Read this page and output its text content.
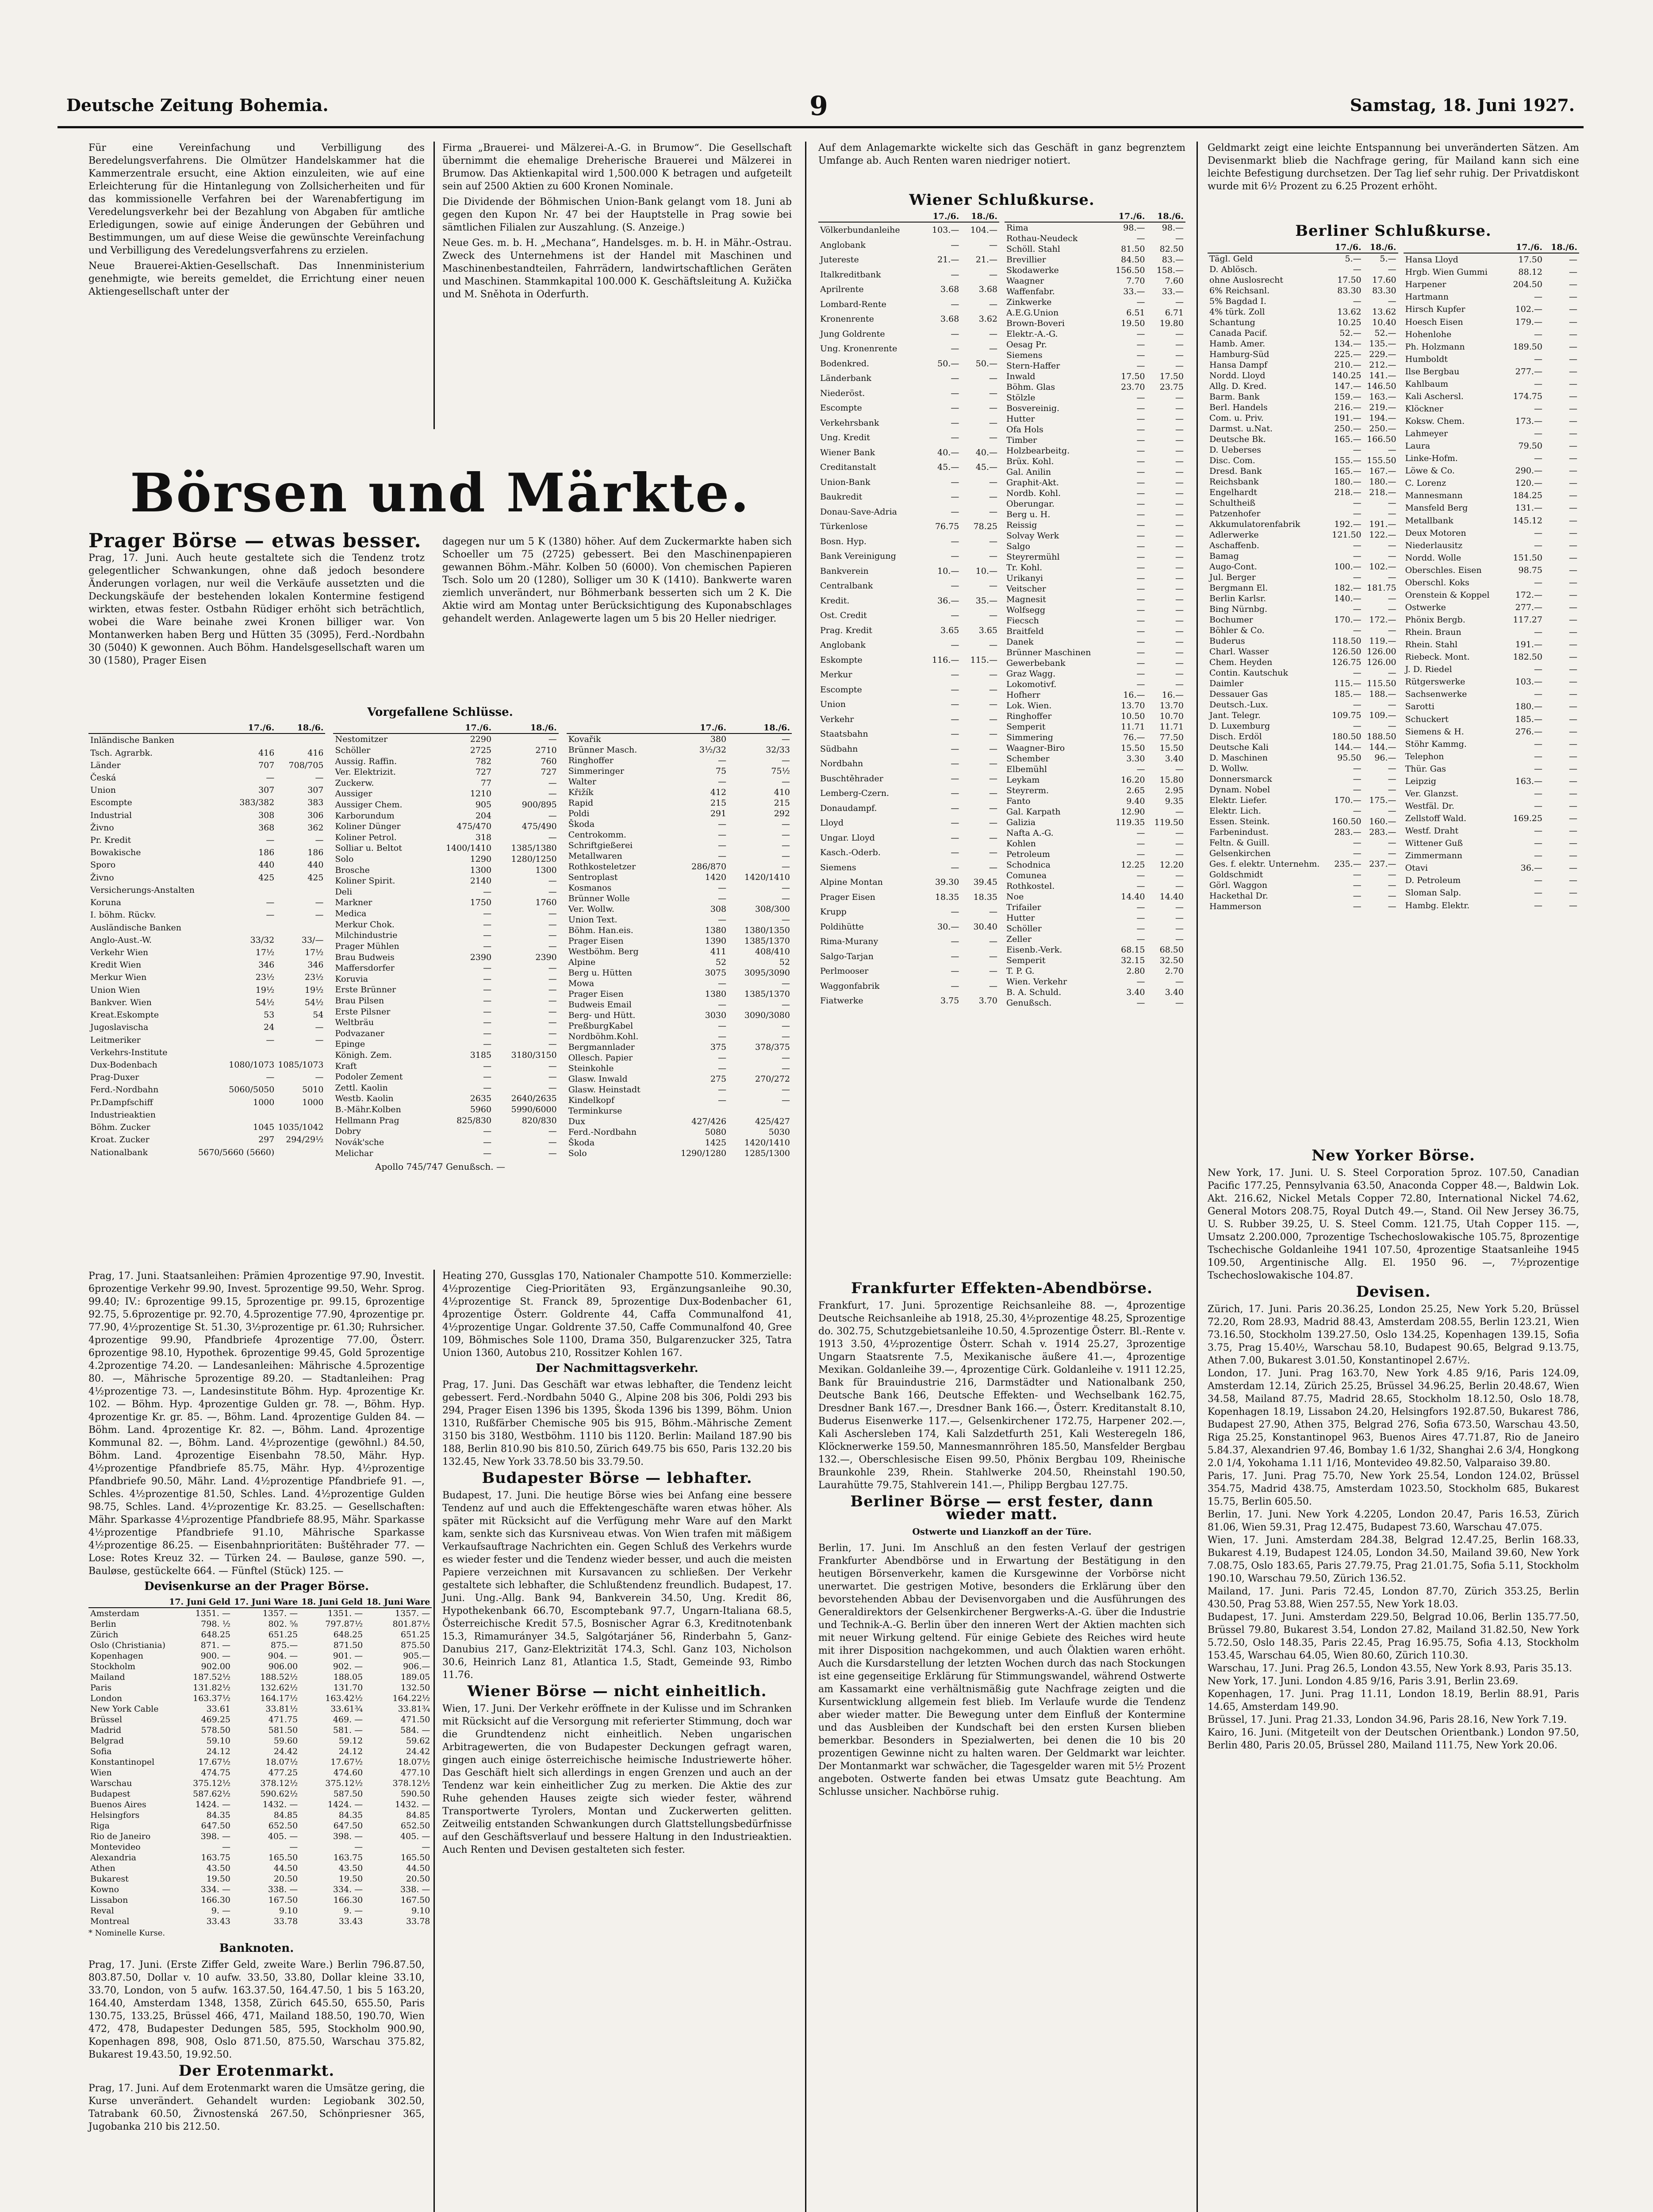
Deutsche Zeitung Bohemia.	9	Samstag, 18. Juni 1927.

Für eine Vereinfachung und Verbilligung des Beredelungsverfahrens. Die Olmützer Handelskammer hat die Kammerzentrale ersucht, eine Aktion einzuleiten, wie auf eine Erleichterung für die Hintanlegung von Zollsicherheiten und für das kommissionelle Verfahren bei der Warenabfertigung im Veredelungsverkehr bei der Bezahlung von Abgaben für amtliche Erledigungen, sowie auf einige Änderungen der Gebühren und Bestimmungen, um auf diese Weise die gewünschte Vereinfachung und Verbilligung des Veredelungsverfahrens zu erzielen.

Neue Brauerei-Aktien-Gesellschaft. Das Innenministerium genehmigte, wie bereits gemeldet, die Errichtung einer neuen Aktiengesellschaft unter der

Firma „Brauerei- und Mälzerei-A.-G. in Brumow“. Die Gesellschaft übernimmt die ehemalige Dreherische Brauerei und Mälzerei in Brumow. Das Aktienkapital wird 1,500.000 K betragen und aufgeteilt sein auf 2500 Aktien zu 600 Kronen Nominale.

Die Dividende der Böhmischen Union-Bank gelangt vom 18. Juni ab gegen den Kupon Nr. 47 bei der Hauptstelle in Prag sowie bei sämtlichen Filialen zur Auszahlung. (S. Anzeige.)

Neue Ges. m. b. H. „Mechana“, Handelsges. m. b. H. in Mähr.-Ostrau. Zweck des Unternehmens ist der Handel mit Maschinen und Maschinenbestandteilen, Fahrrädern, landwirtschaftlichen Geräten und Maschinen. Stammkapital 100.000 K. Geschäftsleitung A. Kužička und M. Sněhota in Oderfurth.

Börsen und Märkte.
Prager Börse — etwas besser.

Prag, 17. Juni. Auch heute gestaltete sich die Tendenz trotz gelegentlicher Schwankungen, ohne daß jedoch besondere Änderungen vorlagen, nur weil die Verkäufe aussetzten und die Deckungskäufe der bestehenden lokalen Kontermine festigend wirkten, etwas fester. Ostbahn Rüdiger erhöht sich beträchtlich, wobei die Ware beinahe zwei Kronen billiger war. Von Montanwerken haben Berg und Hütten 35 (3095), Ferd.-Nordbahn 30 (5040) K gewonnen. Auch Böhm. Handelsgesellschaft waren um 30 (1580), Prager Eisen

dagegen nur um 5 K (1380) höher. Auf dem Zuckermarkte haben sich Schoeller um 75 (2725) gebessert. Bei den Maschinenpapieren gewannen Böhm.-Mähr. Kolben 50 (6000). Von chemischen Papieren Tsch. Solo um 20 (1280), Solliger um 30 K (1410). Bankwerte waren ziemlich unverändert, nur Böhmerbank besserten sich um 2 K. Die Aktie wird am Montag unter Berücksichtigung des Kuponabschlages gehandelt werden. Anlagewerte lagen um 5 bis 20 Heller niedriger.

Vorgefallene Schlüsse.
	17./6.	18./6.
Inländische Banken		
Tsch. Agrarbk.	416	416
Länder	707	708/705
Česká	—	—
Union	307	307
Escompte	383/382	383
Industrial	308	306
Živno	368	362
Pr. Kredit	—	—
Bowakische	186	186
Sporo	440	440
Živno	425	425
Versicherungs-Anstalten		
Koruna	—	—
I. böhm. Rückv.	—	—
Ausländische Banken		
Anglo-Aust.-W.	33/32	33/—
Verkehr Wien	17½	17½
Kredit Wien	346	346
Merkur Wien	23½	23½
Union Wien	19½	19½
Bankver. Wien	54½	54½
Kreat.Eskompte	53	54
Jugoslavischa	24	—
Leitmeriker	—	—
Verkehrs-Institute		
Dux-Bodenbach	1080/1073	1085/1073
Prag-Duxer	—	—
Ferd.-Nordbahn	5060/5050	5010
Pr.Dampfschiff	1000	1000
Industrieaktien		
Böhm. Zucker	1045	1035/1042
Kroat. Zucker	297	294/29½
Nationalbank	5670/5660 (5660)	
	17./6.	18./6.
Nestomitzer	2290	—
Schöller	2725	2710
Aussig. Raffin.	782	760
Ver. Elektrizit.	727	727
Zuckerw.	77	—
Aussiger	1210	—
Aussiger Chem.	905	900/895
Karborundum	204	—
Koliner Dünger	475/470	475/490
Koliner Petrol.	318	—
Solliar u. Beltot	1400/1410	1385/1380
Solo	1290	1280/1250
Brosche	1300	1300
Koliner Spirit.	2140	—
Deli	—	—
Markner	1750	1760
Medica	—	—
Merkur Chok.	—	—
Milchindustrie	—	—
Prager Mühlen	—	—
Brau Budweis	2390	2390
Maffersdorfer	—	—
Koruvia	—	—
Erste Brünner	—	—
Brau Pilsen	—	—
Erste Pilsner	—	—
Weltbräu	—	—
Podvazaner	—	—
Epinge	—	—
Königh. Zem.	3185	3180/3150
Kraft	—	—
Podoler Zement	—	—
Zettl. Kaolin	—	—
Westb. Kaolin	2635	2640/2635
B.-Mähr.Kolben	5960	5990/6000
Hellmann Prag	825/830	820/830
Dobry	—	—
Novák'sche	—	—
Melichar	—	—
	17./6.	18./6.
Kovařik	380	—
Brünner Masch.	3½/32	32/33
Ringhoffer	—	—
Simmeringer	75	75½
Walter	—	—
Křižík	412	410
Rapid	215	215
Poldi	291	292
Škoda	—	—
Centrokomm.	—	—
Schriftgießerei	—	—
Metallwaren	—	—
Rothkosteletzer	286/870	—
Sentroplast	1420	1420/1410
Kosmanos	—	—
Brünner Wolle	—	—
Ver. Wollw.	308	308/300
Union Text.	—	—
Böhm. Han.eis.	1380	1380/1350
Prager Eisen	1390	1385/1370
Westböhm. Berg	411	408/410
Alpine	52	52
Berg u. Hütten	3075	3095/3090
Mowa	—	—
Prager Eisen	1380	1385/1370
Budweis Email	—	—
Berg- und Hütt.	3030	3090/3080
PreßburgKabel	—	—
Nordböhm.Kohl.	—	—
Bergmannlader	375	378/375
Ollesch. Papier	—	—
Steinkohle	—	—
Glasw. Inwald	275	270/272
Glasw. Heinstadt	—	—
Kindelkopf	—	—
Terminkurse		
Dux	427/426	425/427
Ferd.-Nordbahn	5080	5030
Škoda	1425	1420/1410
Solo	1290/1280	1285/1300
Apollo 745/747 Genußsch. —

Prag, 17. Juni. Staatsanleihen: Prämien 4prozentige 97.90, Investit. 6prozentige Verkehr 99.90, Invest. 5prozentige 99.50, Wehr. Sprog. 99.40; IV.: 6prozentige 99.15, 5prozentige pr. 99.15, 6prozentige 92.75, 5.6prozentige pr. 92.70, 4.5prozentige 77.90, 4prozentige pr. 77.90, 4½prozentige St. 51.30, 3½prozentige pr. 61.30; Ruhrsicher. 4prozentige 99.90, Pfandbriefe 4prozentige 77.00, Österr. 6prozentige 98.10, Hypothek. 6prozentige 99.45, Gold 5prozentige 4.2prozentige 74.20. — Landesanleihen: Mährische 4.5prozentige 80. —, Mährische 5prozentige 89.20. — Stadtanleihen: Prag 4½prozentige 73. —, Landesinstitute Böhm. Hyp. 4prozentige Kr. 102. — Böhm. Hyp. 4prozentige Gulden gr. 78. —, Böhm. Hyp. 4prozentige Kr. gr. 85. —, Böhm. Land. 4prozentige Gulden 84. — Böhm. Land. 4prozentige Kr. 82. —, Böhm. Land. 4prozentige Kommunal 82. —, Böhm. Land. 4½prozentige (gewöhnl.) 84.50, Böhm. Land. 4prozentige Eisenbahn 78.50, Mähr. Hyp. 4½prozentige Pfandbriefe 85.75, Mähr. Hyp. 4½prozentige Pfandbriefe 90.50, Mähr. Land. 4½prozentige Pfandbriefe 91. —, Schles. 4½prozentige 81.50, Schles. Land. 4½prozentige Gulden 98.75, Schles. Land. 4½prozentige Kr. 83.25. — Gesellschaften: Mähr. Sparkasse 4½prozentige Pfandbriefe 88.95, Mähr. Sparkasse 4½prozentige Pfandbriefe 91.10, Mährische Sparkasse 4½prozentige 86.25. — Eisenbahnprioritäten: Buštěhrader 77. — Lose: Rotes Kreuz 32. — Türken 24. — Bauløse, ganze 590. —, Bauløse, gestückelte 664. — Fünftel (Stück) 125. —

Devisenkurse an der Prager Börse.
	17. Juni Geld	17. Juni Ware	18. Juni Geld	18. Juni Ware
Amsterdam	1351. —	1357. —	1351. —	1357. —
Berlin	798. ½	802. ⅝	797.87½	801.87½
Zürich	648.25	651.25	648.25	651.25
Oslo (Christiania)	871. —	875.—	871.50	875.50
Kopenhagen	900. —	904. —	901. —	905.—
Stockholm	902.00	906.00	902. —	906.—
Mailand	187.52½	188.52½	188.05	189.05
Paris	131.82½	132.62½	131.70	132.50
London	163.37½	164.17½	163.42½	164.22½
New York Cable	33.61	33.81½	33.61¾	33.81¾
Brüssel	469.25	471.75	469. —	471.50
Madrid	578.50	581.50	581. —	584. —
Belgrad	59.10	59.60	59.12	59.62
Sofia	24.12	24.42	24.12	24.42
Konstantinopel	17.67½	18.07½	17.67½	18.07½
Wien	474.75	477.25	474.60	477.10
Warschau	375.12½	378.12½	375.12½	378.12½
Budapest	587.62½	590.62½	587.50	590.50
Buenos Aires	1424. —	1432. —	1424. —	1432. —
Helsingfors	84.35	84.85	84.35	84.85
Riga	647.50	652.50	647.50	652.50
Rio de Janeiro	398. —	405. —	398. —	405. —
Montevideo	—	—	—	—
Alexandria	163.75	165.50	163.75	165.50
Athen	43.50	44.50	43.50	44.50
Bukarest	19.50	20.50	19.50	20.50
Kowno	334. —	338. —	334. —	338. —
Lissabon	166.30	167.50	166.30	167.50
Reval	9. —	9.10	9. —	9.10
Montreal	33.43	33.78	33.43	33.78
* Nominelle Kurse.
Banknoten.

Prag, 17. Juni. (Erste Ziffer Geld, zweite Ware.) Berlin 796.87.50, 803.87.50, Dollar v. 10 aufw. 33.50, 33.80, Dollar kleine 33.10, 33.70, London, von 5 aufw. 163.37.50, 164.47.50, 1 bis 5 163.20, 164.40, Amsterdam 1348, 1358, Zürich 645.50, 655.50, Paris 130.75, 133.25, Brüssel 466, 471, Mailand 188.50, 190.70, Wien 472, 478, Budapester Dedungen 585, 595, Stockholm 900.90, Kopenhagen 898, 908, Oslo 871.50, 875.50, Warschau 375.82, Bukarest 19.43.50, 19.92.50.

Der Erotenmarkt.

Prag, 17. Juni. Auf dem Erotenmarkt waren die Umsätze gering, die Kurse unverändert. Gehandelt wurden: Legiobank 302.50, Tatrabank 60.50, Živnostenská 267.50, Schönpriesner 365, Jugobanka 210 bis 212.50.

Heating 270, Gussglas 170, Nationaler Champotte 510. Kommerzielle: 4½prozentige Cieg-Prioritäten 93, Ergänzungsanleihe 90.30, 4½prozentige St. Franck 89, 5prozentige Dux-Bodenbacher 61, 4prozentige Österr. Goldrente 44, Caffa Communalfond 41, 4½prozentige Ungar. Goldrente 37.50, Caffe Communalfond 40, Gree 109, Böhmisches Sole 1100, Drama 350, Bulgarenzucker 325, Tatra Union 1360, Autobus 210, Rossitzer Kohlen 167.

Der Nachmittagsverkehr.

Prag, 17. Juni. Das Geschäft war etwas lebhafter, die Tendenz leicht gebessert. Ferd.-Nordbahn 5040 G., Alpine 208 bis 306, Poldi 293 bis 294, Prager Eisen 1396 bis 1395, Škoda 1396 bis 1399, Böhm. Union 1310, Rußfärber Chemische 905 bis 915, Böhm.-Mährische Zement 3150 bis 3180, Westböhm. 1110 bis 1120. Berlin: Mailand 187.90 bis 188, Berlin 810.90 bis 810.50, Zürich 649.75 bis 650, Paris 132.20 bis 132.45, New York 33.78.50 bis 33.79.50.

Budapester Börse — lebhafter.

Budapest, 17. Juni. Die heutige Börse wies bei Anfang eine bessere Tendenz auf und auch die Effektengeschäfte waren etwas höher. Als später mit Rücksicht auf die Verfügung mehr Ware auf den Markt kam, senkte sich das Kursniveau etwas. Von Wien trafen mit mäßigem Verkaufsauftrage Nachrichten ein. Gegen Schluß des Verkehrs wurde es wieder fester und die Tendenz wieder besser, und auch die meisten Papiere verzeichnen mit Kursavancen zu schließen. Der Verkehr gestaltete sich lebhafter, die Schlußtendenz freundlich. Budapest, 17. Juni. Ung.-Allg. Bank 94, Bankverein 34.50, Ung. Kredit 86, Hypothekenbank 66.70, Escomptebank 97.7, Ungarn-Italiana 68.5, Österreichische Kredit 57.5, Bosnischer Agrar 6.3, Kreditnotenbank 15.3, Rimamurányer 34.5, Salgótarjáner 56, Rinderbahn 5, Ganz-Danubius 217, Ganz-Elektrizität 174.3, Schl. Ganz 103, Nicholson 30.6, Heinrich Lanz 81, Atlantica 1.5, Stadt, Gemeinde 93, Rimbo 11.76.

Wiener Börse — nicht einheitlich.

Wien, 17. Juni. Der Verkehr eröffnete in der Kulisse und im Schranken mit Rücksicht auf die Versorgung mit referierter Stimmung, doch war die Grundtendenz nicht einheitlich. Neben ungarischen Arbitragewerten, die von Budapester Deckungen gefragt waren, gingen auch einige österreichische heimische Industriewerte höher. Das Geschäft hielt sich allerdings in engen Grenzen und auch an der Tendenz war kein einheitlicher Zug zu merken. Die Aktie des zur Ruhe gehenden Hauses zeigte sich wieder fester, während Transportwerte Tyrolers, Montan und Zuckerwerten gelitten. Zeitweilig entstanden Schwankungen durch Glattstellungsbedürfnisse auf den Geschäftsverlauf und bessere Haltung in den Industrieaktien. Auch Renten und Devisen gestalteten sich fester.

Auf dem Anlagemarkte wickelte sich das Geschäft in ganz begrenztem Umfange ab. Auch Renten waren niedriger notiert.

Wiener Schlußkurse.
	17./6.	18./6.
Völkerbundanleihe	103.—	104.—
Anglobank	—	—
Jutereste	21.—	21.—
Italkreditbank	—	—
Aprilrente	3.68	3.68
Lombard-Rente	—	—
Kronenrente	3.68	3.62
Jung Goldrente	—	—
Ung. Kronenrente	—	—
Bodenkred.	50.—	50.—
Länderbank	—	—
Niederöst.	—	—
Escompte	—	—
Verkehrsbank	—	—
Ung. Kredit	—	—
Wiener Bank	40.—	40.—
Creditanstalt	45.—	45.—
Union-Bank	—	—
Baukredit	—	—
Donau-Save-Adria	—	—
Türkenlose	76.75	78.25
Bosn. Hyp.	—	—
Bank Vereinigung	—	—
Bankverein	10.—	10.—
Centralbank	—	—
Kredit.	36.—	35.—
Ost. Credit	—	—
Prag. Kredit	3.65	3.65
Anglobank	—	—
Eskompte	116.—	115.—
Merkur	—	—
Escompte	—	—
Union	—	—
Verkehr	—	—
Staatsbahn	—	—
Südbahn	—	—
Nordbahn	—	—
Buschtěhrader	—	—
Lemberg-Czern.	—	—
Donaudampf.	—	—
Lloyd	—	—
Ungar. Lloyd	—	—
Kasch.-Oderb.	—	—
Siemens	—	—
Alpine Montan	39.30	39.45
Prager Eisen	18.35	18.35
Krupp	—	—
Poldihütte	30.—	30.40
Rima-Murany	—	—
Salgo-Tarjan	—	—
Perlmooser	—	—
Waggonfabrik	—	—
Fiatwerke	3.75	3.70
	17./6.	18./6.
Rima	98.—	98.—
Rothau-Neudeck	—	—
Schöll. Stahl	81.50	82.50
Brevillier	84.50	83.—
Skodawerke	156.50	158.—
Waagner	7.70	7.60
Waffenfabr.	33.—	33.—
Zinkwerke	—	—
A.E.G.Union	6.51	6.71
Brown-Boveri	19.50	19.80
Elektr.-A.-G.	—	—
Oesag Pr.	—	—
Siemens	—	—
Stern-Haffer	—	—
Inwald	17.50	17.50
Böhm. Glas	23.70	23.75
Stölzle	—	—
Bosvereinig.	—	—
Hutter	—	—
Ofa Hols	—	—
Timber	—	—
Holzbearbeitg.	—	—
Brüx. Kohl.	—	—
Gal. Anilin	—	—
Graphit-Akt.	—	—
Nordb. Kohl.	—	—
Oberungar.	—	—
Berg u. H.	—	—
Reissig	—	—
Solvay Werk	—	—
Salgo	—	—
Steyrermühl	—	—
Tr. Kohl.	—	—
Urikanyi	—	—
Veitscher	—	—
Magnesit	—	—
Wolfsegg	—	—
Fiecsch	—	—
Braitfeld	—	—
Danek	—	—
Brünner Maschinen	—	—
Gewerbebank	—	—
Graz Wagg.	—	—
Lokomotivf.	—	—
Hofherr	16.—	16.—
Lok. Wien.	13.70	13.70
Ringhoffer	10.50	10.70
Semperit	11.71	11.71
Simmering	76.—	77.50
Waagner-Biro	15.50	15.50
Schember	3.30	3.40
Elbemühl	—	—
Leykam	16.20	15.80
Steyrerm.	2.65	2.95
Fanto	9.40	9.35
Gal. Karpath	12.90	—
Galizia	119.35	119.50
Nafta A.-G.	—	—
Kohlen	—	—
Petroleum	—	—
Schodnica	12.25	12.20
Comunea	—	—
Rothkostel.	—	—
Noe	14.40	14.40
Trifailer	—	—
Hutter	—	—
Schöller	—	—
Zeller	—	—
Eisenb.-Verk.	68.15	68.50
Semperit	32.15	32.50
T. P. G.	2.80	2.70
Wien. Verkehr	—	—
B. A. Schuld.	3.40	3.40
Genußsch.	—	—
Frankfurter Effekten-Abendbörse.

Frankfurt, 17. Juni. 5prozentige Reichsanleihe 88. —, 4prozentige Deutsche Reichsanleihe ab 1918, 25.30, 4½prozentige 48.25, Sprozentige do. 302.75, Schutzgebietsanleihe 10.50, 4.5prozentige Österr. Bl.-Rente v. 1913 3.50, 4½prozentige Österr. Schah v. 1914 25.27, 3prozentige Ungarn Staatsrente 7.5, Mexikanische äußere 41.—, 4prozentige Mexikan. Goldanleihe 39.—, 4prozentige Cürk. Goldanleihe v. 1911 12.25, Bank für Brauindustrie 216, Darmstädter und Nationalbank 250, Deutsche Bank 166, Deutsche Effekten- und Wechselbank 162.75, Dresdner Bank 167.—, Dresdner Bank 166.—, Österr. Kreditanstalt 8.10, Buderus Eisenwerke 117.—, Gelsenkirchener 172.75, Harpener 202.—, Kali Aschersleben 174, Kali Salzdetfurth 251, Kali Westeregeln 186, Klöcknerwerke 159.50, Mannesmannröhren 185.50, Mansfelder Bergbau 132.—, Oberschlesische Eisen 99.50, Phönix Bergbau 109, Rheinische Braunkohle 239, Rhein. Stahlwerke 204.50, Rheinstahl 190.50, Laurahütte 79.75, Stahlverein 141.—, Philipp Bergbau 127.75.

Berliner Börse — erst fester, dann wieder matt.
Ostwerte und Lianzkoff an der Türe.

Berlin, 17. Juni. Im Anschluß an den festen Verlauf der gestrigen Frankfurter Abendbörse und in Erwartung der Bestätigung in den heutigen Börsenverkehr, kamen die Kursgewinne der Vorbörse nicht unerwartet. Die gestrigen Motive, besonders die Erklärung über den bevorstehenden Abbau der Devisenvorgaben und die Ausführungen des Generaldirektors der Gelsenkirchener Bergwerks-A.-G. über die Industrie und Technik-A.-G. Berlin über den inneren Wert der Aktien machten sich mit neuer Wirkung geltend. Für einige Gebiete des Reiches wird heute mit ihrer Disposition nachgekommen, und auch Ölaktien waren erhöht. Auch die Kursdarstellung der letzten Wochen durch das nach Stockungen ist eine gegenseitige Erklärung für Stimmungswandel, während Ostwerte am Kassamarkt eine verhältnismäßig gute Nachfrage zeigten und die Kursentwicklung allgemein fest blieb. Im Verlaufe wurde die Tendenz aber wieder matter. Die Bewegung unter dem Einfluß der Kontermine und das Ausbleiben der Kundschaft bei den ersten Kursen blieben bemerkbar. Besonders in Spezialwerten, bei denen die 10 bis 20 prozentigen Gewinne nicht zu halten waren. Der Geldmarkt war leichter. Der Montanmarkt war schwächer, die Tagesgelder waren mit 5½ Prozent angeboten. Ostwerte fanden bei etwas Umsatz gute Beachtung. Am Schlusse unsicher. Nachbörse ruhig.

Geldmarkt zeigt eine leichte Entspannung bei unveränderten Sätzen. Am Devisenmarkt blieb die Nachfrage gering, für Mailand kann sich eine leichte Befestigung durchsetzen. Der Tag lief sehr ruhig. Der Privatdiskont wurde mit 6½ Prozent zu 6.25 Prozent erhöht.

Berliner Schlußkurse.
	17./6.	18./6.
Tägl. Geld	5.—	5.—
D. Ablösch.	—	—
ohne Auslosrecht	17.50	17.60
6% Reichsanl.	83.30	83.30
5% Bagdad I.	—	—
4% türk. Zoll	13.62	13.62
Schantung	10.25	10.40
Canada Pacif.	52.—	52.—
Hamb. Amer.	134.—	135.—
Hamburg-Süd	225.—	229.—
Hansa Dampf	210.—	212.—
Nordd. Lloyd	140.25	141.—
Allg. D. Kred.	147.—	146.50
Barm. Bank	159.—	163.—
Berl. Handels	216.—	219.—
Com. u. Priv.	191.—	194.—
Darmst. u.Nat.	250.—	250.—
Deutsche Bk.	165.—	166.50
D. Ueberses	—	—
Disc. Com.	155.—	155.50
Dresd. Bank	165.—	167.—
Reichsbank	180.—	180.—
Engelhardt	218.—	218.—
Schultheiß	—	—
Patzenhofer	—	—
Akkumulatorenfabrik	192.—	191.—
Adlerwerke	121.50	122.—
Aschaffenb.	—	—
Bamag	—	—
Augo-Cont.	100.—	102.—
Jul. Berger	—	—
Bergmann El.	182.—	181.75
Berlin Karlsr.	140.—	—
Bing Nürnbg.	—	—
Bochumer	170.—	172.—
Böhler & Co.	—	—
Buderus	118.50	119.—
Charl. Wasser	126.50	126.00
Chem. Heyden	126.75	126.00
Contin. Kautschuk	—	—
Daimler	115.—	115.50
Dessauer Gas	185.—	188.—
Deutsch.-Lux.	—	—
Jant. Telegr.	109.75	109.—
D. Luxemburg	—	—
Disch. Erdöl	180.50	188.50
Deutsche Kali	144.—	144.—
D. Maschinen	95.50	96.—
D. Wollw.	—	—
Donnersmarck	—	—
Dynam. Nobel	—	—
Elektr. Liefer.	170.—	175.—
Elektr. Lich.	—	—
Essen. Steink.	160.50	160.—
Farbenindust.	283.—	283.—
Feltn. & Guill.	—	—
Gelsenkirchen	—	—
Ges. f. elektr. Unternehm.	235.—	237.—
Goldschmidt	—	—
Görl. Waggon	—	—
Hackethal Dr.	—	—
Hammerson	—	—
	17./6.	18./6.
Hansa Lloyd	17.50	—
Hrgb. Wien Gummi	88.12	—
Harpener	204.50	—
Hartmann	—	—
Hirsch Kupfer	102.—	—
Hoesch Eisen	179.—	—
Hohenlohe	—	—
Ph. Holzmann	189.50	—
Humboldt	—	—
Ilse Bergbau	277.—	—
Kahlbaum	—	—
Kali Aschersl.	174.75	—
Klöckner	—	—
Koksw. Chem.	173.—	—
Lahmeyer	—	—
Laura	79.50	—
Linke-Hofm.	—	—
Löwe & Co.	290.—	—
C. Lorenz	120.—	—
Mannesmann	184.25	—
Mansfeld Berg	131.—	—
Metallbank	145.12	—
Deux Motoren	—	—
Niederlausitz	—	—
Nordd. Wolle	151.50	—
Oberschles. Eisen	98.75	—
Oberschl. Koks	—	—
Orenstein & Koppel	172.—	—
Ostwerke	277.—	—
Phönix Bergb.	117.27	—
Rhein. Braun	—	—
Rhein. Stahl	191.—	—
Riebeck. Mont.	182.50	—
J. D. Riedel	—	—
Rütgerswerke	103.—	—
Sachsenwerke	—	—
Sarotti	180.—	—
Schuckert	185.—	—
Siemens & H.	276.—	—
Stöhr Kammg.	—	—
Telephon	—	—
Thür. Gas	—	—
Leipzig	163.—	—
Ver. Glanzst.	—	—
Westfäl. Dr.	—	—
Zellstoff Wald.	169.25	—
Westf. Draht	—	—
Wittener Guß	—	—
Zimmermann	—	—
Otavi	36.—	—
D. Petroleum	—	—
Sloman Salp.	—	—
Hambg. Elektr.	—	—
New Yorker Börse.

New York, 17. Juni. U. S. Steel Corporation 5proz. 107.50, Canadian Pacific 177.25, Pennsylvania 63.50, Anaconda Copper 48.—, Baldwin Lok. Akt. 216.62, Nickel Metals Copper 72.80, International Nickel 74.62, General Motors 208.75, Royal Dutch 49.—, Stand. Oil New Jersey 36.75, U. S. Rubber 39.25, U. S. Steel Comm. 121.75, Utah Copper 115. —, Umsatz 2.200.000, 7prozentige Tschechoslowakische 105.75, 8prozentige Tschechische Goldanleihe 1941 107.50, 4prozentige Staatsanleihe 1945 109.50, Argentinische Allg. El. 1950 96. —, 7½prozentige Tschechoslowakische 104.87.

Devisen.

Zürich, 17. Juni. Paris 20.36.25, London 25.25, New York 5.20, Brüssel 72.20, Rom 28.93, Madrid 88.43, Amsterdam 208.55, Berlin 123.21, Wien 73.16.50, Stockholm 139.27.50, Oslo 134.25, Kopenhagen 139.15, Sofia 3.75, Prag 15.40½, Warschau 58.10, Budapest 90.65, Belgrad 9.13.75, Athen 7.00, Bukarest 3.01.50, Konstantinopel 2.67½.
London, 17. Juni. Prag 163.70, New York 4.85 9/16, Paris 124.09, Amsterdam 12.14, Zürich 25.25, Brüssel 34.96.25, Berlin 20.48.67, Wien 34.58, Mailand 87.75, Madrid 28.65, Stockholm 18.12.50, Oslo 18.78, Kopenhagen 18.19, Lissabon 24.20, Helsingfors 192.87.50, Bukarest 786, Budapest 27.90, Athen 375, Belgrad 276, Sofia 673.50, Warschau 43.50, Riga 25.25, Konstantinopel 963, Buenos Aires 47.71.87, Rio de Janeiro 5.84.37, Alexandrien 97.46, Bombay 1.6 1/32, Shanghai 2.6 3/4, Hongkong 2.0 1/4, Yokohama 1.11 1/16, Montevideo 49.82.50, Valparaiso 39.80.
Paris, 17. Juni. Prag 75.70, New York 25.54, London 124.02, Brüssel 354.75, Madrid 438.75, Amsterdam 1023.50, Stockholm 685, Bukarest 15.75, Berlin 605.50.
Berlin, 17. Juni. New York 4.2205, London 20.47, Paris 16.53, Zürich 81.06, Wien 59.31, Prag 12.475, Budapest 73.60, Warschau 47.075.
Wien, 17. Juni. Amsterdam 284.38, Belgrad 12.47.25, Berlin 168.33, Bukarest 4.19, Budapest 124.05, London 34.50, Mailand 39.60, New York 7.08.75, Oslo 183.65, Paris 27.79.75, Prag 21.01.75, Sofia 5.11, Stockholm 190.10, Warschau 79.50, Zürich 136.52.
Mailand, 17. Juni. Paris 72.45, London 87.70, Zürich 353.25, Berlin 430.50, Prag 53.88, Wien 257.55, New York 18.03.
Budapest, 17. Juni. Amsterdam 229.50, Belgrad 10.06, Berlin 135.77.50, Brüssel 79.80, Bukarest 3.54, London 27.82, Mailand 31.82.50, New York 5.72.50, Oslo 148.35, Paris 22.45, Prag 16.95.75, Sofia 4.13, Stockholm 153.45, Warschau 64.05, Wien 80.60, Zürich 110.30.
Warschau, 17. Juni. Prag 26.5, London 43.55, New York 8.93, Paris 35.13.
New York, 17. Juni. London 4.85 9/16, Paris 3.91, Berlin 23.69.
Kopenhagen, 17. Juni. Prag 11.11, London 18.19, Berlin 88.91, Paris 14.65, Amsterdam 149.90.
Brüssel, 17. Juni. Prag 21.33, London 34.96, Paris 28.16, New York 7.19.
Kairo, 16. Juni. (Mitgeteilt von der Deutschen Orientbank.) London 97.50, Berlin 480, Paris 20.05, Brüssel 280, Mailand 111.75, New York 20.06.
